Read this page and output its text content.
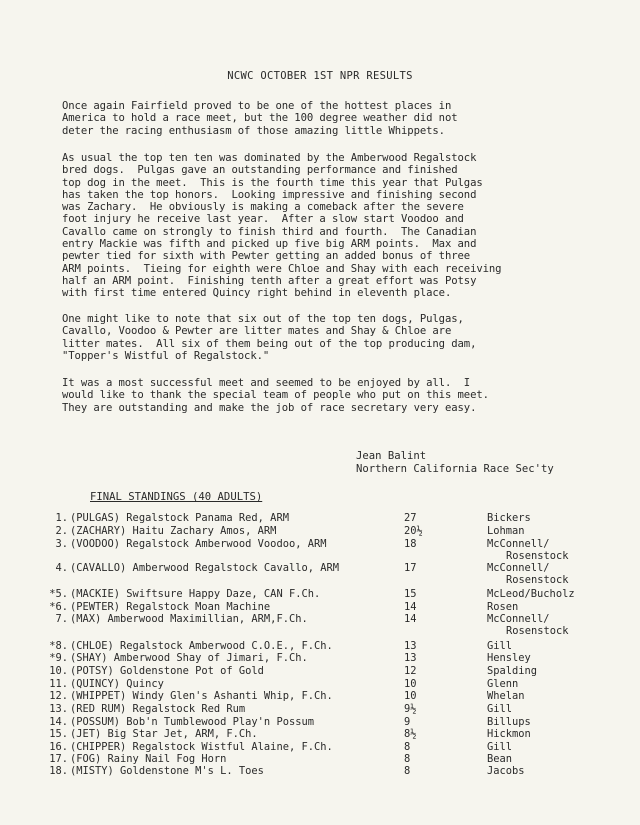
NCWC OCTOBER 1ST NPR RESULTS

Once again Fairfield proved to be one of the hottest places in
America to hold a race meet, but the 100 degree weather did not
deter the racing enthusiasm of those amazing little Whippets.

As usual the top ten ten was dominated by the Amberwood Regalstock
bred dogs.  Pulgas gave an outstanding performance and finished
top dog in the meet.  This is the fourth time this year that Pulgas
has taken the top honors.  Looking impressive and finishing second
was Zachary.  He obviously is making a comeback after the severe
foot injury he receive last year.  After a slow start Voodoo and
Cavallo came on strongly to finish third and fourth.  The Canadian
entry Mackie was fifth and picked up five big ARM points.  Max and
pewter tied for sixth with Pewter getting an added bonus of three
ARM points.  Tieing for eighth were Chloe and Shay with each receiving
half an ARM point.  Finishing tenth after a great effort was Potsy
with first time entered Quincy right behind in eleventh place.

One might like to note that six out of the top ten dogs, Pulgas,
Cavallo, Voodoo & Pewter are litter mates and Shay & Chloe are
litter mates.  All six of them being out of the top producing dam,
"Topper's Wistful of Regalstock."

It was a most successful meet and seemed to be enjoyed by all.  I
would like to thank the special team of people who put on this meet.
They are outstanding and make the job of race secretary very easy.

Jean Balint
Northern California Race Sec'ty
FINAL STANDINGS (40 ADULTS)
1. (PULGAS) Regalstock Panama Red, ARM	27	Bickers
2. (ZACHARY) Haitu Zachary Amos, ARM	20½	Lohman
3. (VOODOO) Regalstock Amberwood Voodoo, ARM	18	McConnell/
Rosenstock
4. (CAVALLO) Amberwood Regalstock Cavallo, ARM	17	McConnell/
Rosenstock
*5. (MACKIE) Swiftsure Happy Daze, CAN F.Ch.	15	McLeod/Bucholz
*6. (PEWTER) Regalstock Moan Machine	14	Rosen
7. (MAX) Amberwood Maximillian, ARM,F.Ch.	14	McConnell/
Rosenstock
*8. (CHLOE) Regalstock Amberwood C.O.E., F.Ch.	13	Gill
*9. (SHAY) Amberwood Shay of Jimari, F.Ch.	13	Hensley
10. (POTSY) Goldenstone Pot of Gold	12	Spalding
11. (QUINCY) Quincy	10	Glenn
12. (WHIPPET) Windy Glen's Ashanti Whip, F.Ch.	10	Whelan
13. (RED RUM) Regalstock Red Rum	9½	Gill
14. (POSSUM) Bob'n Tumblewood Play'n Possum	9	Billups
15. (JET) Big Star Jet, ARM, F.Ch.	8½	Hickmon
16. (CHIPPER) Regalstock Wistful Alaine, F.Ch.	8	Gill
17. (FOG) Rainy Nail Fog Horn	8	Bean
18. (MISTY) Goldenstone M's L. Toes	8	Jacobs
